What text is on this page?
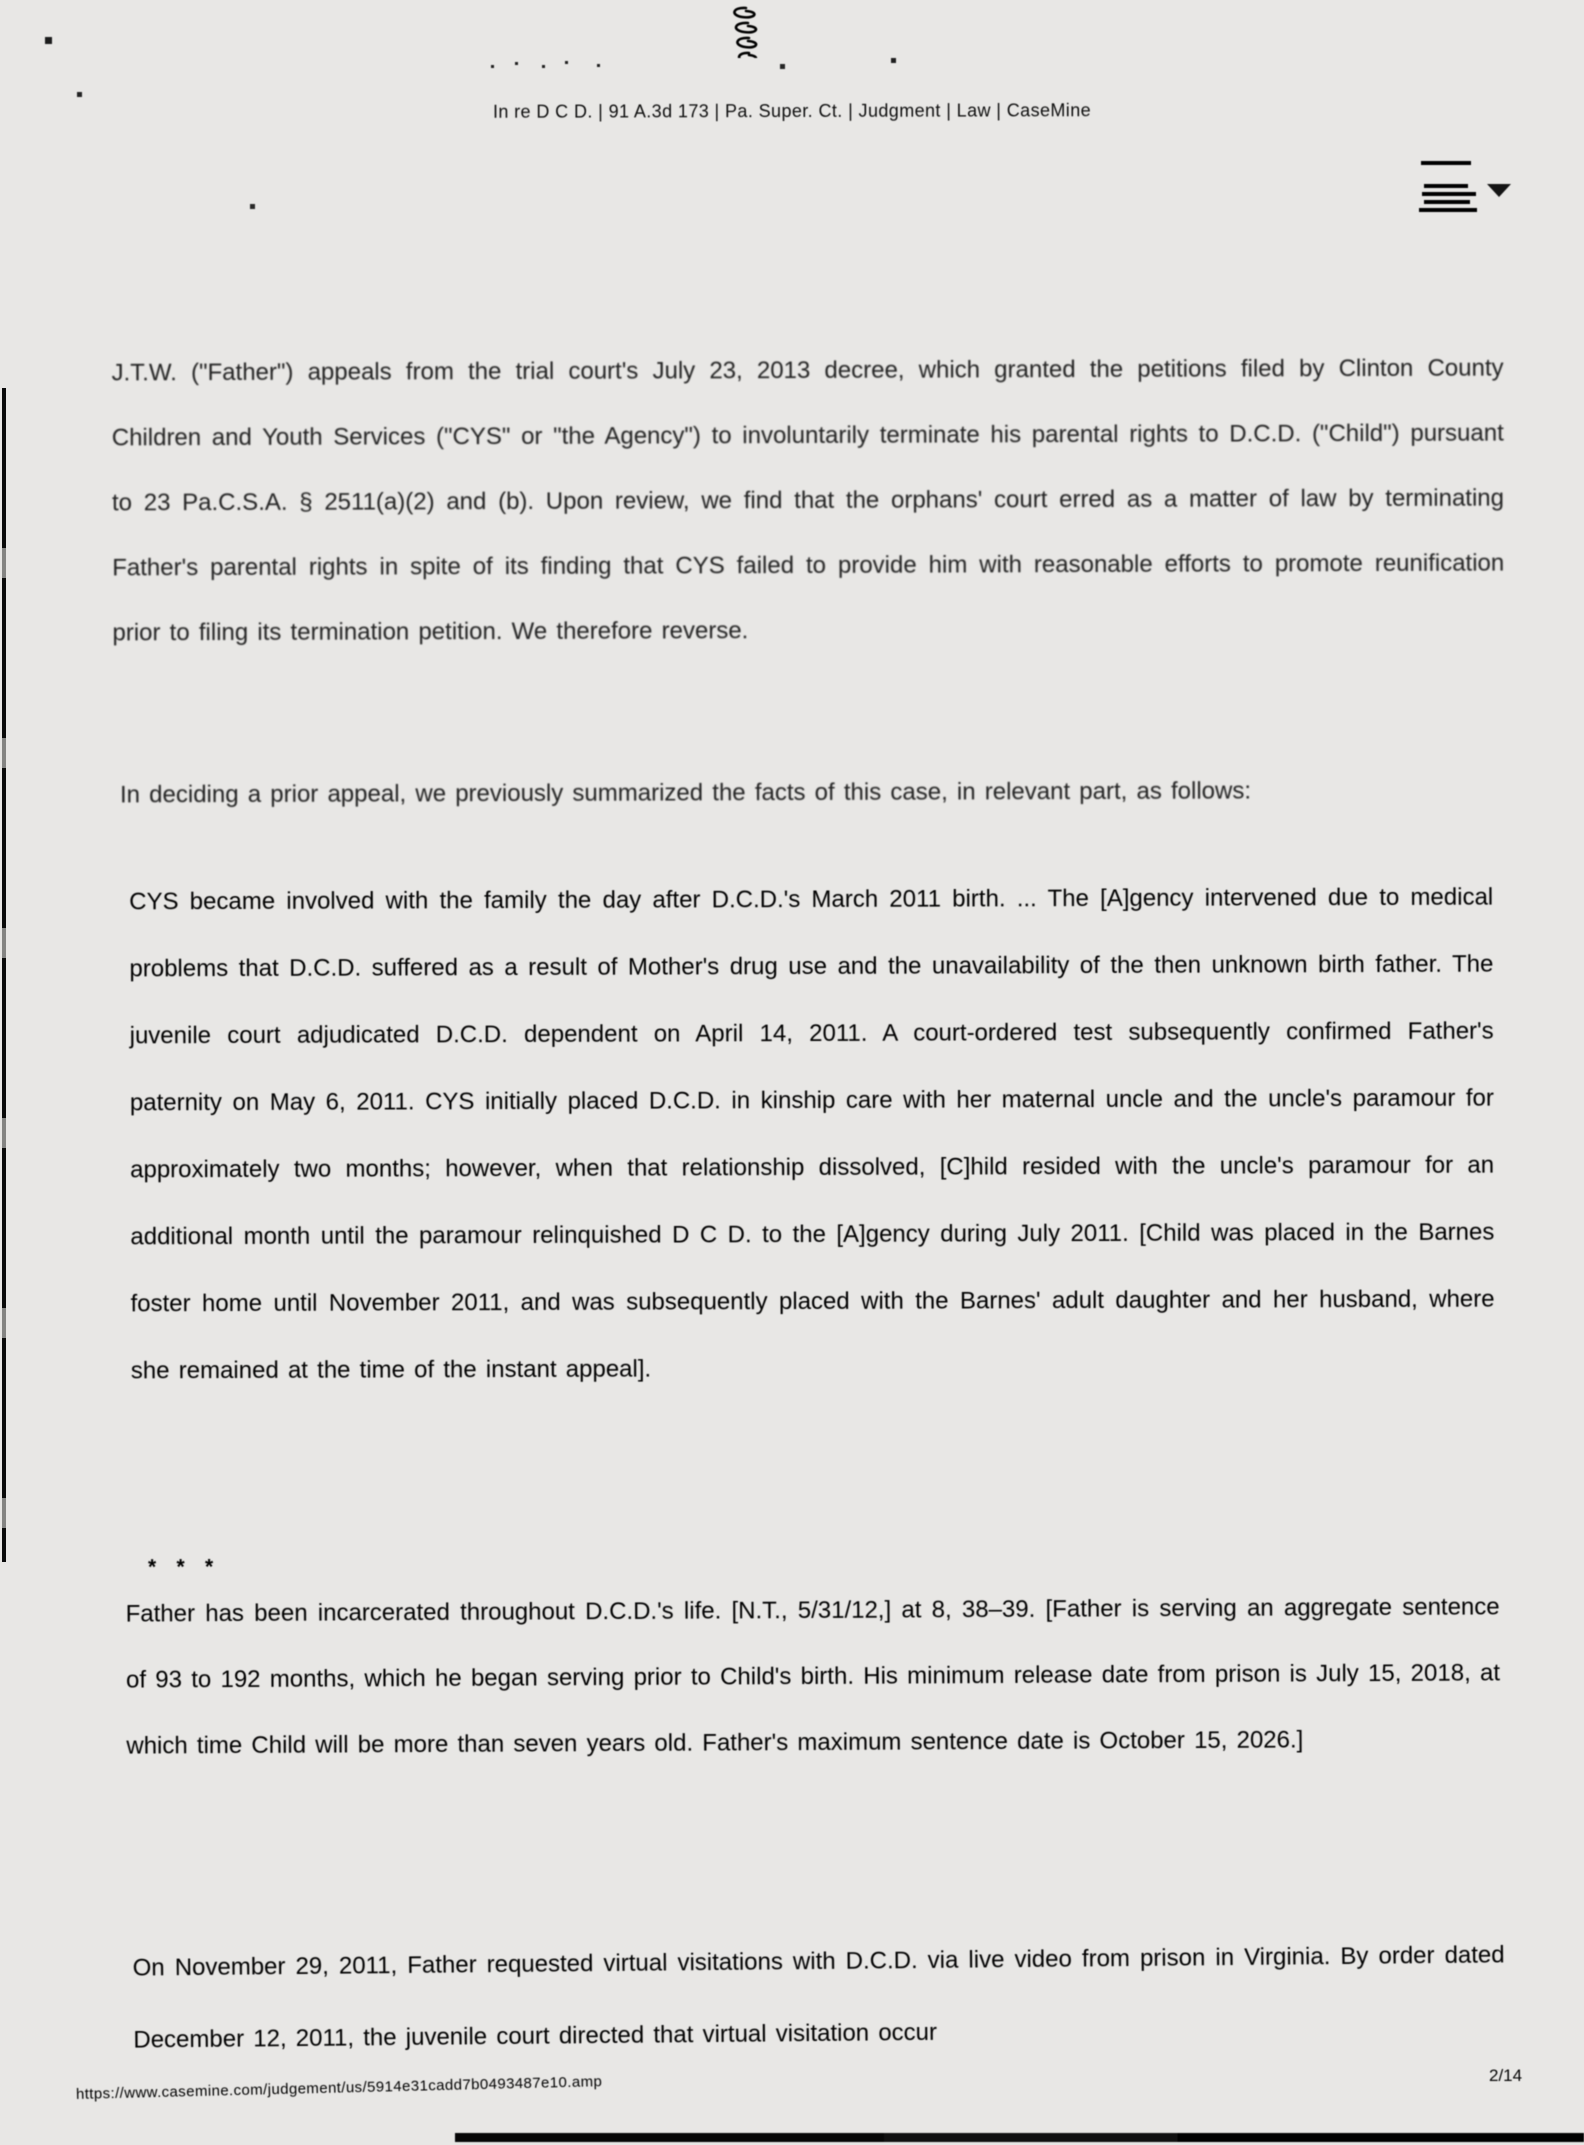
In re D C D. | 91 A.3d 173 | Pa. Super. Ct. | Judgment | Law | CaseMine

J.T.W. ("Father") appeals from the trial court's July 23, 2013 decree, which granted the petitions filed by Clinton County Children and Youth Services ("CYS" or "the Agency") to involuntarily terminate his parental rights to D.C.D. ("Child") pursuant to 23 Pa.C.S.A. § 2511(a)(2) and (b). Upon review, we find that the orphans' court erred as a matter of law by terminating Father's parental rights in spite of its finding that CYS failed to provide him with reasonable efforts to promote reunification prior to filing its termination petition. We therefore reverse.

In deciding a prior appeal, we previously summarized the facts of this case, in relevant part, as follows:

CYS became involved with the family the day after D.C.D.'s March 2011 birth. ... The [A]gency intervened due to medical problems that D.C.D. suffered as a result of Mother's drug use and the unavailability of the then unknown birth father. The juvenile court adjudicated D.C.D. dependent on April 14, 2011. A court-ordered test subsequently confirmed Father's paternity on May 6, 2011. CYS initially placed D.C.D. in kinship care with her maternal uncle and the uncle's paramour for approximately two months; however, when that relationship dissolved, [C]hild resided with the uncle's paramour for an additional month until the paramour relinquished D C D. to the [A]gency during July 2011. [Child was placed in the Barnes foster home until November 2011, and was subsequently placed with the Barnes' adult daughter and her husband, where she remained at the time of the instant appeal].

* * *

Father has been incarcerated throughout D.C.D.'s life. [N.T., 5/31/12,] at 8, 38–39. [Father is serving an aggregate sentence of 93 to 192 months, which he began serving prior to Child's birth. His minimum release date from prison is July 15, 2018, at which time Child will be more than seven years old. Father's maximum sentence date is October 15, 2026.]

On November 29, 2011, Father requested virtual visitations with D.C.D. via live video from prison in Virginia. By order dated December 12, 2011, the juvenile court directed that virtual visitation occur

https://www.casemine.com/judgement/us/5914e31cadd7b0493487e10.amp	2/14
